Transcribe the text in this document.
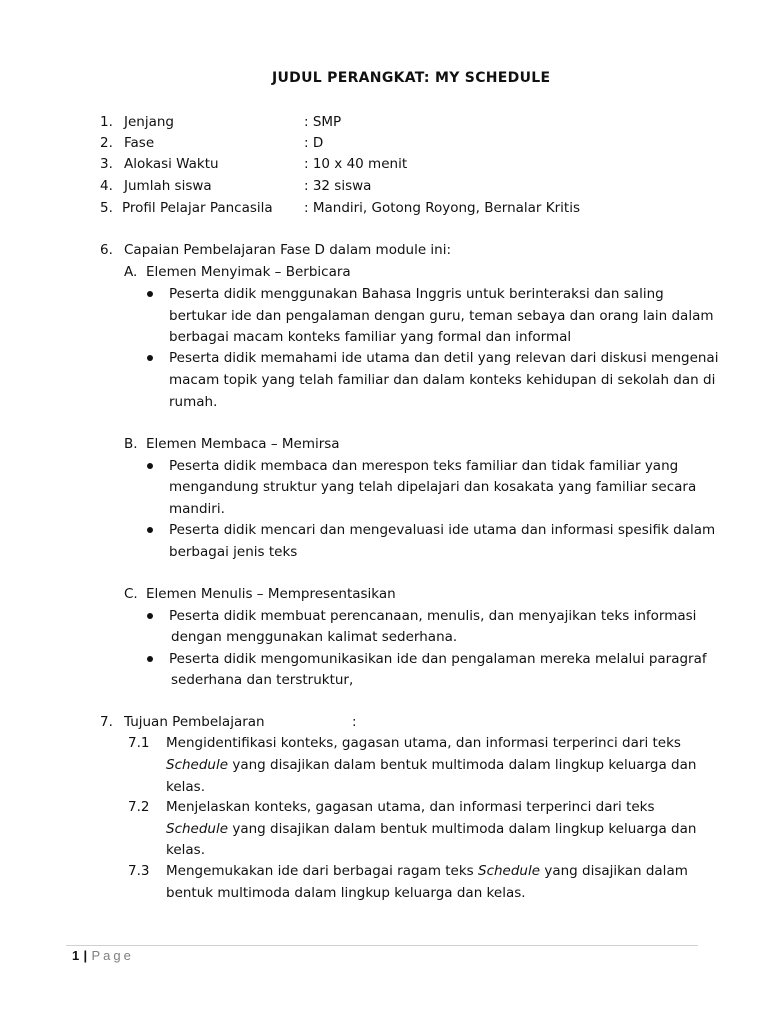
JUDUL PERANGKAT: MY SCHEDULE
1. Jenjang	: SMP
2. Fase	: D
3. Alokasi Waktu	: 10 x 40 menit
4. Jumlah siswa	: 32 siswa
5. Profil Pelajar Pancasila : Mandiri, Gotong Royong, Bernalar Kritis
6. Capaian Pembelajaran Fase D dalam module ini:
A. Elemen Menyimak – Berbicara
Peserta didik menggunakan Bahasa Inggris untuk berinteraksi dan saling
bertukar ide dan pengalaman dengan guru, teman sebaya dan orang lain dalam
berbagai macam konteks familiar yang formal dan informal
Peserta didik memahami ide utama dan detil yang relevan dari diskusi mengenai
macam topik yang telah familiar dan dalam konteks kehidupan di sekolah dan di
rumah.
B. Elemen Membaca – Memirsa
Peserta didik membaca dan merespon teks familiar dan tidak familiar yang
mengandung struktur yang telah dipelajari dan kosakata yang familiar secara
mandiri.
Peserta didik mencari dan mengevaluasi ide utama dan informasi spesifik dalam
berbagai jenis teks
C. Elemen Menulis – Mempresentasikan
Peserta didik membuat perencanaan, menulis, dan menyajikan teks informasi
dengan menggunakan kalimat sederhana.
Peserta didik mengomunikasikan ide dan pengalaman mereka melalui paragraf
sederhana dan terstruktur,
7. Tujuan Pembelajaran	:
7.1 Mengidentifikasi konteks, gagasan utama, dan informasi terperinci dari teks
Schedule yang disajikan dalam bentuk multimoda dalam lingkup keluarga dan
kelas.
7.2 Menjelaskan konteks, gagasan utama, dan informasi terperinci dari teks
Schedule yang disajikan dalam bentuk multimoda dalam lingkup keluarga dan
kelas.
7.3 Mengemukakan ide dari berbagai ragam teks Schedule yang disajikan dalam
bentuk multimoda dalam lingkup keluarga dan kelas.
1 | Page
